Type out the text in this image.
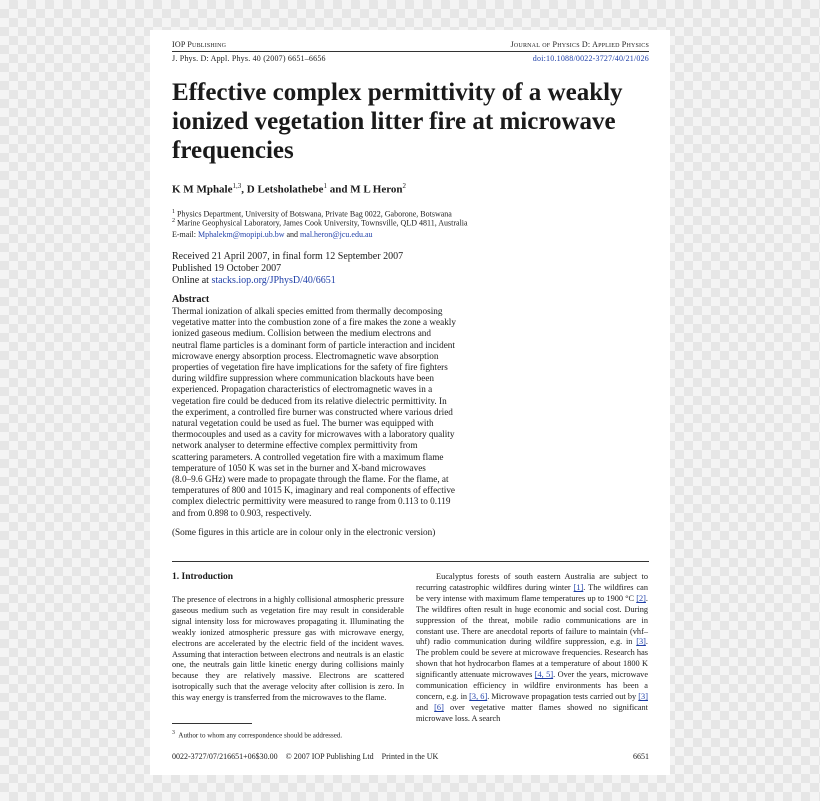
IOP Publishing	Journal of Physics D: Applied Physics
J. Phys. D: Appl. Phys. 40 (2007) 6651–6656	doi:10.1088/0022-3727/40/21/026
Effective complex permittivity of a weakly ionized vegetation litter fire at microwave frequencies
K M Mphale$^{1,3}$, D Letsholathebe$^1$ and M L Heron$^2$
$^1$ Physics Department, University of Botswana, Private Bag 0022, Gaborone, Botswana
$^2$ Marine Geophysical Laboratory, James Cook University, Townsville, QLD 4811, Australia
E-mail: Mphalekm@mopipi.ub.bw and mal.heron@jcu.edu.au
Received 21 April 2007, in final form 12 September 2007
Published 19 October 2007
Online at stacks.iop.org/JPhysD/40/6651
Abstract

Thermal ionization of alkali species emitted from thermally decomposing

vegetative matter into the combustion zone of a fire makes the zone a weakly

ionized gaseous medium. Collision between the medium electrons and

neutral flame particles is a dominant form of particle interaction and incident

microwave energy absorption process. Electromagnetic wave absorption

properties of vegetation fire have implications for the safety of fire fighters

during wildfire suppression where communication blackouts have been

experienced. Propagation characteristics of electromagnetic waves in a

vegetation fire could be deduced from its relative dielectric permittivity. In

the experiment, a controlled fire burner was constructed where various dried

natural vegetation could be used as fuel. The burner was equipped with

thermocouples and used as a cavity for microwaves with a laboratory quality

network analyser to determine effective complex permittivity from

scattering parameters. A controlled vegetation fire with a maximum flame

temperature of 1050 K was set in the burner and X-band microwaves

(8.0–9.6 GHz) were made to propagate through the flame. For the flame, at

temperatures of 800 and 1015 K, imaginary and real components of effective

complex dielectric permittivity were measured to range from 0.113 to 0.119

and from 0.898 to 0.903, respectively.

(Some figures in this article are in colour only in the electronic version)
1. Introduction
The presence of electrons in a highly collisional atmospheric pressure gaseous medium such as vegetation fire may result in considerable signal intensity loss for microwaves propagating it. Illuminating the weakly ionized atmospheric pressure gas with microwave energy, electrons are accelerated by the electric field of the incident waves. Assuming that interaction between electrons and neutrals is an elastic one, the neutrals gain little kinetic energy during collisions mainly because they are relatively massive. Electrons are scattered isotropically such that the average velocity after collision is zero. In this way energy is transferred from the microwaves to the flame.
Eucalyptus forests of south eastern Australia are subject to recurring catastrophic wildfires during winter [1]. The wildfires can be very intense with maximum flame temperatures up to 1900 °C [2]. The wildfires often result in huge economic and social cost. During suppression of the threat, mobile radio communications are in constant use. There are anecdotal reports of failure to maintain (vhf–uhf) radio communication during wildfire suppression, e.g. in [3]. The problem could be severe at microwave frequencies. Research has shown that hot hydrocarbon flames at a temperature of about 1800 K significantly attenuate microwaves [4, 5]. Over the years, microwave communication efficiency in wildfire environments has been a concern, e.g. in [3, 6]. Microwave propagation tests carried out by [3] and [6] over vegetative matter flames showed no significant microwave loss. A search
$^3$ Author to whom any correspondence should be addressed.
0022-3727/07/216651+06$30.00    © 2007 IOP Publishing Ltd    Printed in the UK	6651
